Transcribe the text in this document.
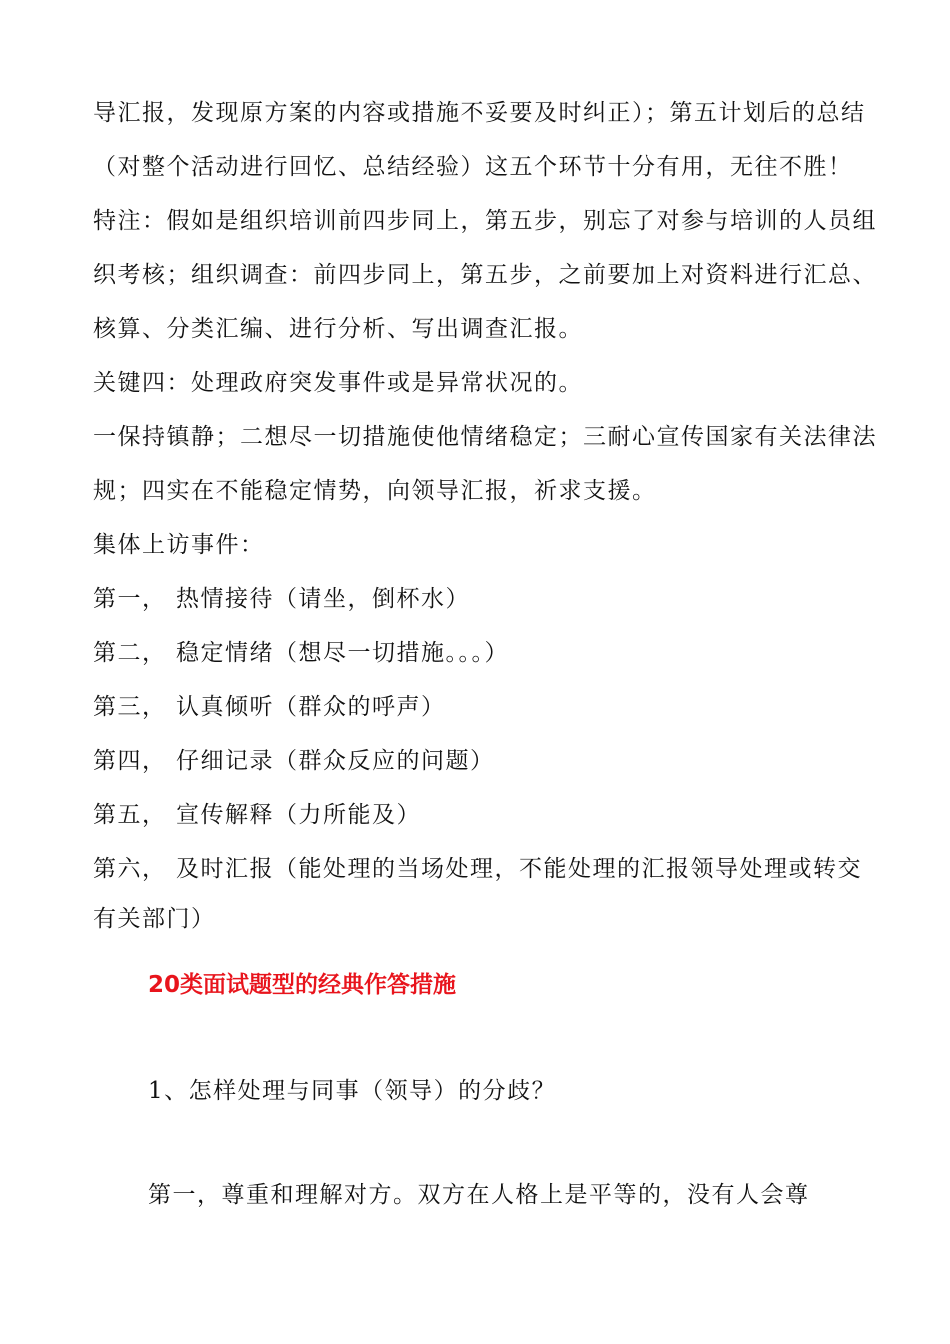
导汇报，发现原方案的内容或措施不妥要及时纠正）；第五计划后的总结
（对整个活动进行回忆、总结经验）这五个环节十分有用，无往不胜！
特注：假如是组织培训前四步同上，第五步，别忘了对参与培训的人员组
织考核；组织调查：前四步同上，第五步，之前要加上对资料进行汇总、
核算、分类汇编、进行分析、写出调查汇报。
关键四：处理政府突发事件或是异常状况的。
一保持镇静；二想尽一切措施使他情绪稳定；三耐心宣传国家有关法律法
规；四实在不能稳定情势，向领导汇报，祈求支援。
集体上访事件：
第一， 热情接待（请坐，倒杯水）
第二， 稳定情绪（想尽一切措施。。。）
第三， 认真倾听（群众的呼声）
第四， 仔细记录（群众反应的问题）
第五， 宣传解释（力所能及）
第六， 及时汇报（能处理的当场处理，不能处理的汇报领导处理或转交
有关部门）
20类面试题型的经典作答措施
1、怎样处理与同事（领导）的分歧？
第一，尊重和理解对方。双方在人格上是平等的，没有人会尊
